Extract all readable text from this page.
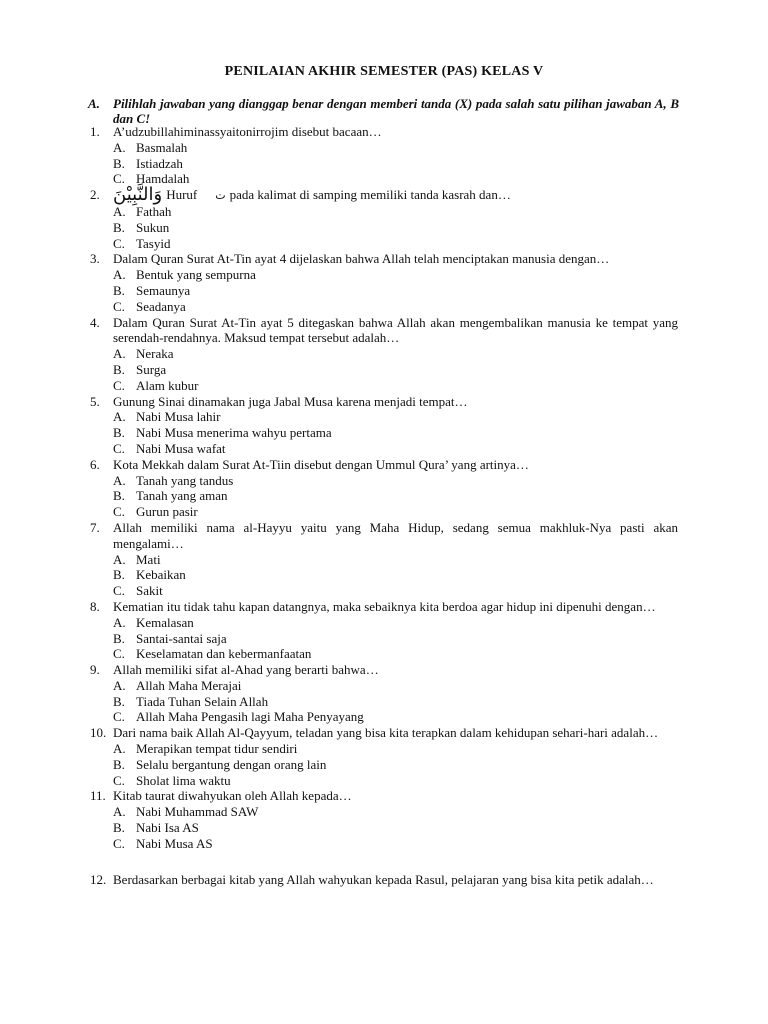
PENILAIAN AKHIR SEMESTER (PAS) KELAS V
A. Pilihlah jawaban yang dianggap benar dengan memberi tanda (X) pada salah satu pilihan jawaban A, B dan C!
1. A’udzubillahiminassyaitonirrojim disebut bacaan…
A. Basmalah
B. Istiadzah
C. Hamdalah
2. وَالنَّبِيْنَ Huruf ت pada kalimat di samping memiliki tanda kasrah dan…
A. Fathah
B. Sukun
C. Tasyid
3. Dalam Quran Surat At-Tin ayat 4 dijelaskan bahwa Allah telah menciptakan manusia dengan…
A. Bentuk yang sempurna
B. Semaunya
C. Seadanya
4. Dalam Quran Surat At-Tin ayat 5 ditegaskan bahwa Allah akan mengembalikan manusia ke tempat yang serendah-rendahnya. Maksud tempat tersebut adalah…
A. Neraka
B. Surga
C. Alam kubur
5. Gunung Sinai dinamakan juga Jabal Musa karena menjadi tempat…
A. Nabi Musa lahir
B. Nabi Musa menerima wahyu pertama
C. Nabi Musa wafat
6. Kota Mekkah dalam Surat At-Tiin disebut dengan Ummul Qura’ yang artinya…
A. Tanah yang tandus
B. Tanah yang aman
C. Gurun pasir
7. Allah memiliki nama al-Hayyu yaitu yang Maha Hidup, sedang semua makhluk-Nya pasti akan mengalami…
A. Mati
B. Kebaikan
C. Sakit
8. Kematian itu tidak tahu kapan datangnya, maka sebaiknya kita berdoa agar hidup ini dipenuhi dengan…
A. Kemalasan
B. Santai-santai saja
C. Keselamatan dan kebermanfaatan
9. Allah memiliki sifat al-Ahad yang berarti bahwa…
A. Allah Maha Merajai
B. Tiada Tuhan Selain Allah
C. Allah Maha Pengasih lagi Maha Penyayang
10. Dari nama baik Allah Al-Qayyum, teladan yang bisa kita terapkan dalam kehidupan sehari-hari adalah…
A. Merapikan tempat tidur sendiri
B. Selalu bergantung dengan orang lain
C. Sholat lima waktu
11. Kitab taurat diwahyukan oleh Allah kepada…
A. Nabi Muhammad SAW
B. Nabi Isa AS
C. Nabi Musa AS
12. Berdasarkan berbagai kitab yang Allah wahyukan kepada Rasul, pelajaran yang bisa kita petik adalah…
